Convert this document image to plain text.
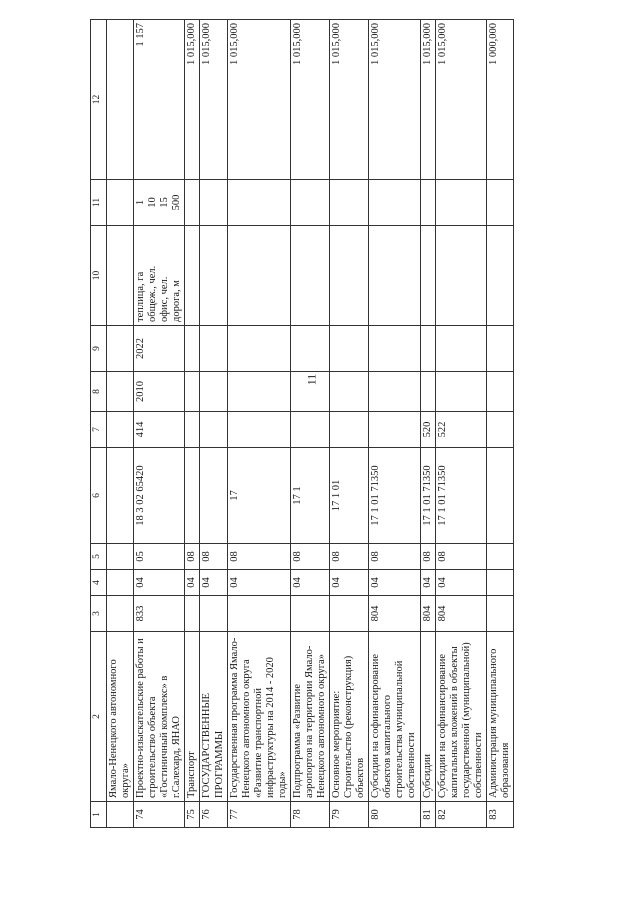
11
1	2	3	4	5	6	7	8	9	10	11	12
	Ямало-Ненецкого автономного округа»										
74	Проектно-изыскательские работы и строительство объекта «Гостиничный комплекс» в г.Салехард, ЯНАО	833	04	05	18 3 02 65420	414	2010	2022	теплица, га общеж., чел. офис, чел. дорога, м	1 10 15 500	1 157
75	Транспорт		04	08							1 015,000
76	ГОСУДАРСТВЕННЫЕ ПРОГРАММЫ		04	08							1 015,000
77	Государственная программа Ямало-Ненецкого автономного округа «Развитие транспортной инфраструктуры на 2014 - 2020 годы»		04	08	17						1 015,000
78	Подпрограмма «Развитие аэропортов на территории Ямало-Ненецкого автономного округа»		04	08	17 1						1 015,000
79	Основное мероприятие: Строительство (реконструкция) объектов		04	08	17 1 01						1 015,000
80	Субсидии на софинансирование объектов капитального строительства муниципальной собственности	804	04	08	17 1 01 71350						1 015,000
81	Субсидии	804	04	08	17 1 01 71350	520					1 015,000
82	Субсидии на софинансирование капитальных вложений в объекты государственной (муниципальной) собственности	804	04	08	17 1 01 71350	522					1 015,000
83	Администрация муниципального образования										1 000,000
